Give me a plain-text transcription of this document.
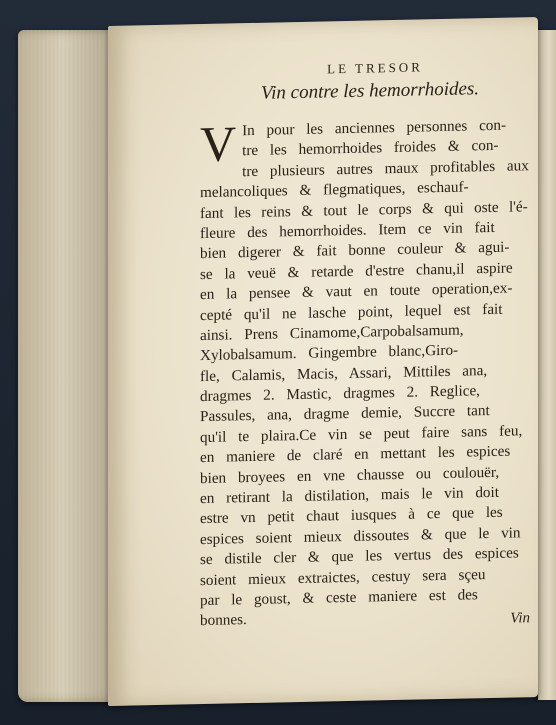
LE TRESOR
Vin contre les hemorrhoides.
V In pour les anciennes personnes con-
tre les hemorrhoides froides & con-
tre plusieurs autres maux profitables aux
melancoliques & flegmatiques, eschauf-
fant les reins & tout le corps & qui oste l'é-
fleure des hemorrhoides. Item ce vin fait
bien digerer & fait bonne couleur & agui-
se la veuë & retarde d'estre chanu,il aspire
en la pensee & vaut en toute operation,ex-
cepté qu'il ne lasche point, lequel est fait
ainsi. Prens Cinamome,Carpobalsamum,
Xylobalsamum. Gingembre blanc,Giro-
fle, Calamis, Macis, Assari, Mittiles ana,
dragmes 2. Mastic, dragmes 2. Reglice,
Passules, ana, dragme demie, Succre tant
qu'il te plaira.Ce vin se peut faire sans feu,
en maniere de claré en mettant les espices
bien broyees en vne chausse ou coulouër,
en retirant la distilation, mais le vin doit
estre vn petit chaut iusques à ce que les
espices soient mieux dissoutes & que le vin
se distile cler & que les vertus des espices
soient mieux extraictes, cestuy sera sçeu
par le goust, & ceste maniere est des
bonnes.	Vin
